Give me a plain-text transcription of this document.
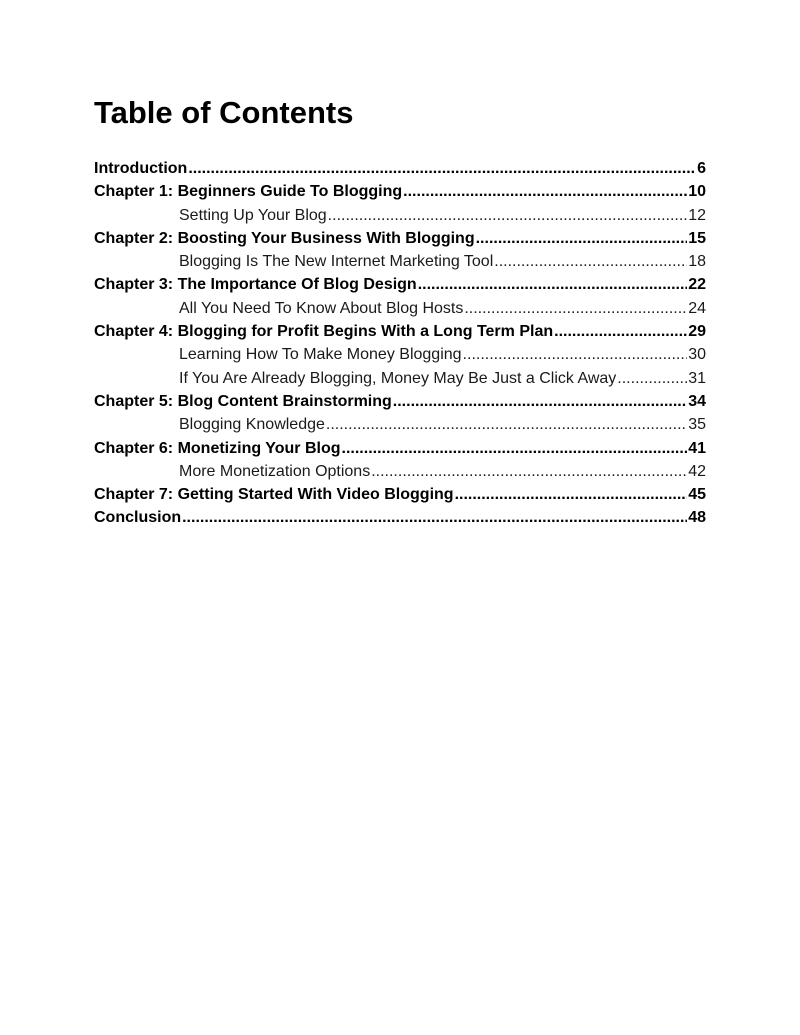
Table of Contents
Introduction .....	6
Chapter 1: Beginners Guide To Blogging .....	10
Setting Up Your Blog .....	12
Chapter 2: Boosting Your Business With Blogging .....	15
Blogging Is The New Internet Marketing Tool .....	18
Chapter 3: The Importance Of Blog Design .....	22
All You Need To Know About Blog Hosts .....	24
Chapter 4: Blogging for Profit Begins With a Long Term Plan .....	29
Learning How To Make Money Blogging .....	30
If You Are Already Blogging, Money May Be Just a Click Away .....	31
Chapter 5: Blog Content Brainstorming .....	34
Blogging Knowledge .....	35
Chapter 6: Monetizing Your Blog .....	41
More Monetization Options .....	42
Chapter 7: Getting Started With Video Blogging .....	45
Conclusion .....	48
